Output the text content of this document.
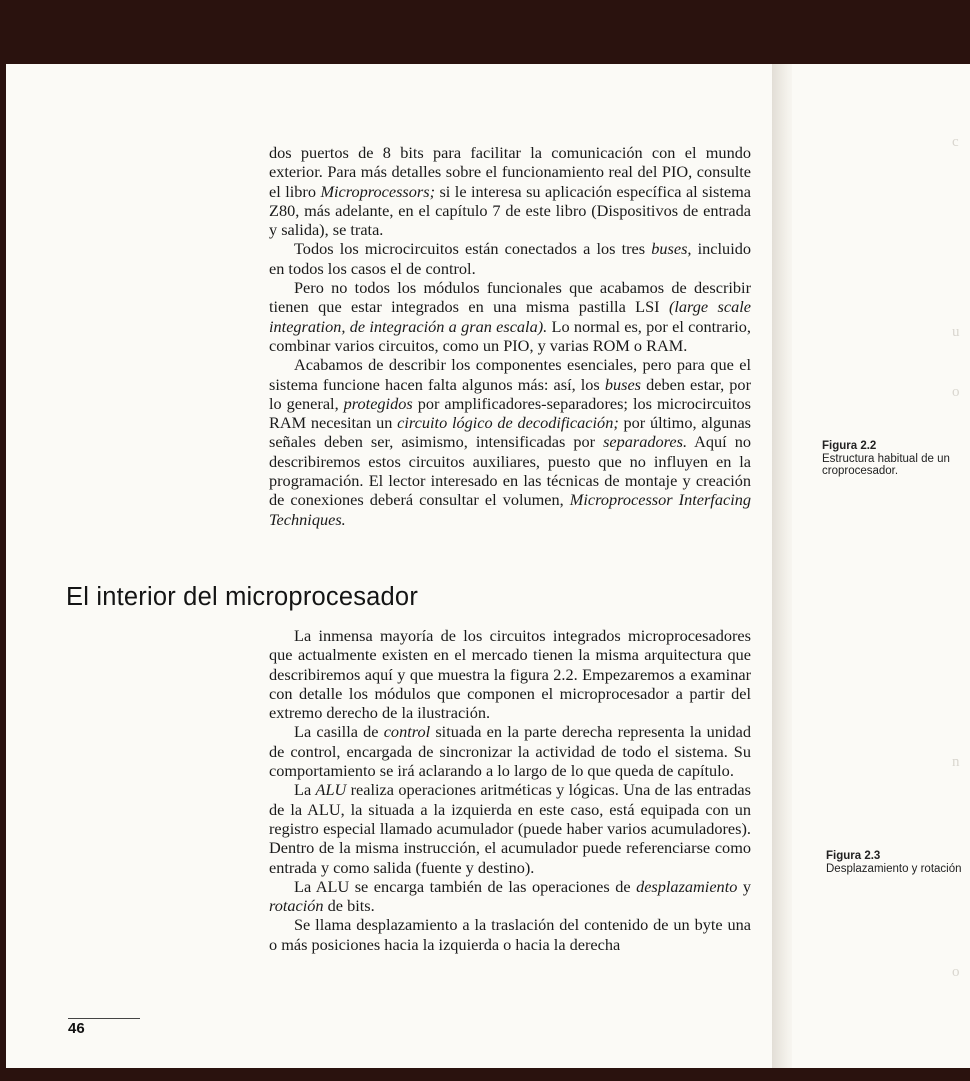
c
u
o
n
o

dos puertos de 8 bits para facilitar la comunicación con el mundo exterior. Para más detalles sobre el funcionamiento real del PIO, consulte el libro Microprocessors; si le interesa su aplicación específica al sistema Z80, más adelante, en el capítulo 7 de este libro (Dispositivos de entrada y salida), se trata.

Todos los microcircuitos están conectados a los tres buses, incluido en todos los casos el de control.

Pero no todos los módulos funcionales que acabamos de describir tienen que estar integrados en una misma pastilla LSI (large scale integration, de integración a gran escala). Lo normal es, por el contrario, combinar varios circuitos, como un PIO, y varias ROM o RAM.

Acabamos de describir los componentes esenciales, pero para que el sistema funcione hacen falta algunos más: así, los buses deben estar, por lo general, protegidos por amplificadores-separadores; los microcircuitos RAM necesitan un circuito lógico de decodificación; por último, algunas señales deben ser, asimismo, intensificadas por separadores. Aquí no describiremos estos circuitos auxiliares, puesto que no influyen en la programación. El lector interesado en las técnicas de montaje y creación de conexiones deberá consultar el volumen, Microprocessor Interfacing Techniques.

El interior del microprocesador

La inmensa mayoría de los circuitos integrados microprocesadores que actualmente existen en el mercado tienen la misma arquitectura que describiremos aquí y que muestra la figura 2.2. Empezaremos a examinar con detalle los módulos que componen el microprocesador a partir del extremo derecho de la ilustración.

La casilla de control situada en la parte derecha representa la unidad de control, encargada de sincronizar la actividad de todo el sistema. Su comportamiento se irá aclarando a lo largo de lo que queda de capítulo.

La ALU realiza operaciones aritméticas y lógicas. Una de las entradas de la ALU, la situada a la izquierda en este caso, está equipada con un registro especial llamado acumulador (puede haber varios acumuladores). Dentro de la misma instrucción, el acumulador puede referenciarse como entrada y como salida (fuente y destino).

La ALU se encarga también de las operaciones de desplazamiento y rotación de bits.

Se llama desplazamiento a la traslación del contenido de un byte una o más posiciones hacia la izquierda o hacia la derecha

Figura 2.2
Estructura habitual de un
croprocesador.
Figura 2.3
Desplazamiento y rotación
46
